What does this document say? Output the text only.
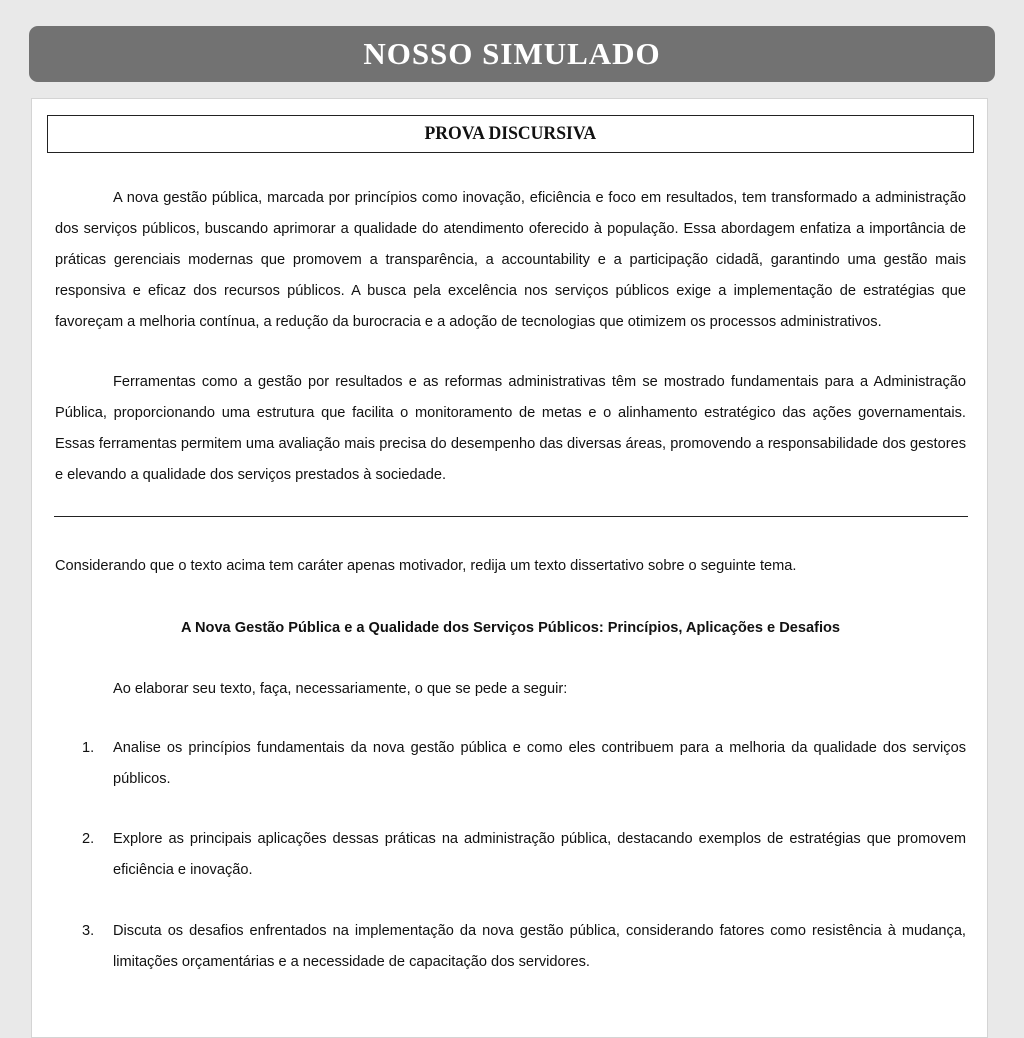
NOSSO SIMULADO
PROVA DISCURSIVA

A nova gestão pública, marcada por princípios como inovação, eficiência e foco em resultados, tem transformado a administração dos serviços públicos, buscando aprimorar a qualidade do atendimento oferecido à população. Essa abordagem enfatiza a importância de práticas gerenciais modernas que promovem a transparência, a accountability e a participação cidadã, garantindo uma gestão mais responsiva e eficaz dos recursos públicos. A busca pela excelência nos serviços públicos exige a implementação de estratégias que favoreçam a melhoria contínua, a redução da burocracia e a adoção de tecnologias que otimizem os processos administrativos.

Ferramentas como a gestão por resultados e as reformas administrativas têm se mostrado fundamentais para a Administração Pública, proporcionando uma estrutura que facilita o monitoramento de metas e o alinhamento estratégico das ações governamentais. Essas ferramentas permitem uma avaliação mais precisa do desempenho das diversas áreas, promovendo a responsabilidade dos gestores e elevando a qualidade dos serviços prestados à sociedade.

Considerando que o texto acima tem caráter apenas motivador, redija um texto dissertativo sobre o seguinte tema.

A Nova Gestão Pública e a Qualidade dos Serviços Públicos: Princípios, Aplicações e Desafios

Ao elaborar seu texto, faça, necessariamente, o que se pede a seguir:

1.	Analise os princípios fundamentais da nova gestão pública e como eles contribuem para a melhoria da qualidade dos serviços públicos.

2.	Explore as principais aplicações dessas práticas na administração pública, destacando exemplos de estratégias que promovem eficiência e inovação.

3.	Discuta os desafios enfrentados na implementação da nova gestão pública, considerando fatores como resistência à mudança, limitações orçamentárias e a necessidade de capacitação dos servidores.
